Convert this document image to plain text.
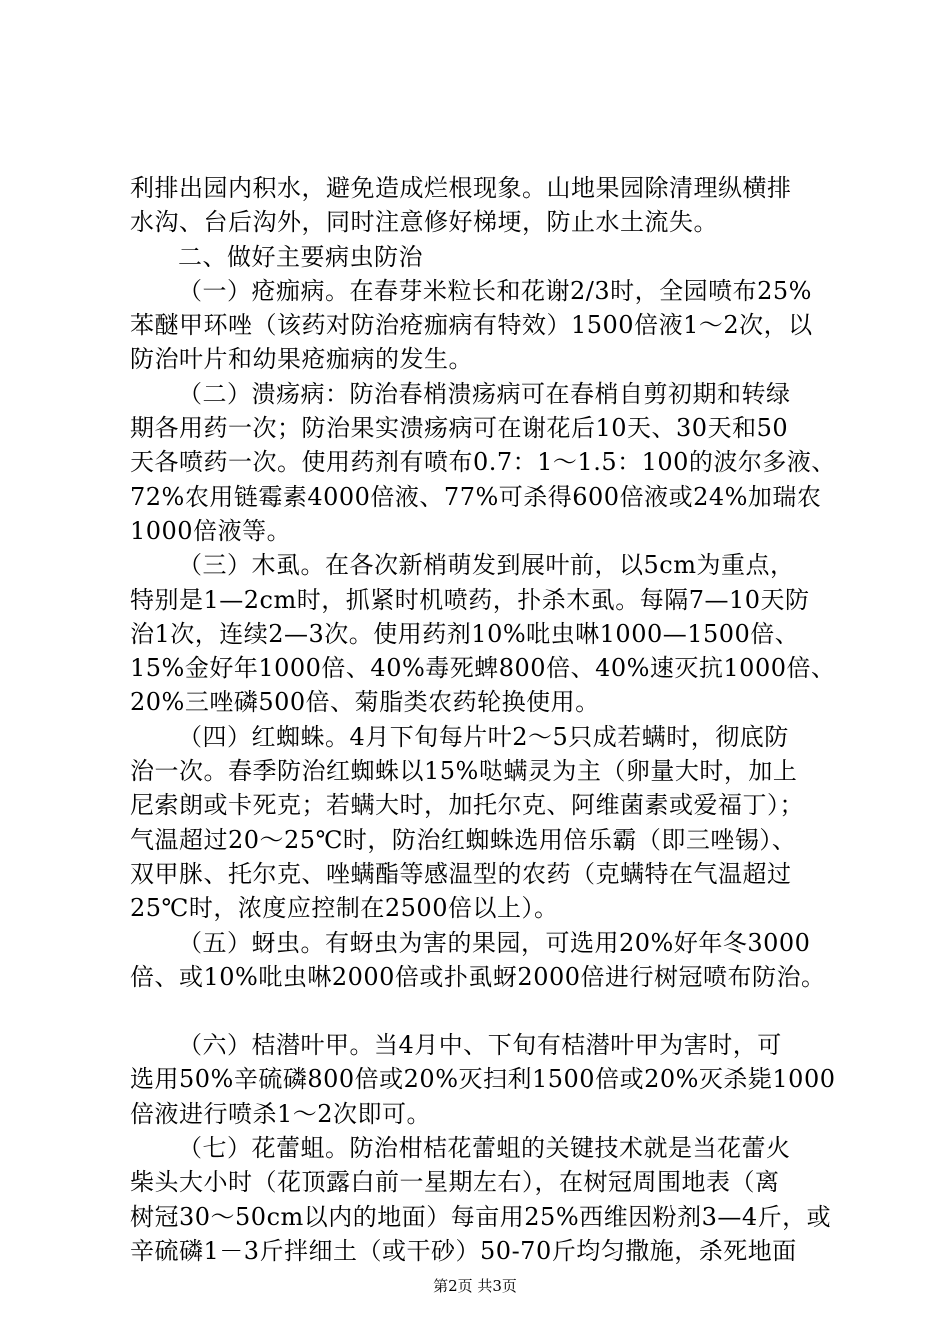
利排出园内积水，避免造成烂根现象。山地果园除清理纵横排
水沟、台后沟外，同时注意修好梯埂，防止水土流失。
二、做好主要病虫防治
（一）疮痂病。在春芽米粒长和花谢2/3时，全园喷布25%
苯醚甲环唑（该药对防治疮痂病有特效）1500倍液1～2次，以
防治叶片和幼果疮痂病的发生。
（二）溃疡病：防治春梢溃疡病可在春梢自剪初期和转绿
期各用药一次；防治果实溃疡病可在谢花后10天、30天和50
天各喷药一次。使用药剂有喷布0.7：1～1.5：100的波尔多液、
72%农用链霉素4000倍液、77%可杀得600倍液或24%加瑞农
1000倍液等。
（三）木虱。在各次新梢萌发到展叶前，以5cm为重点，
特别是1—2cm时，抓紧时机喷药，扑杀木虱。每隔7—10天防
治1次，连续2—3次。使用药剂10%吡虫啉1000—1500倍、
15%金好年1000倍、40%毒死蜱800倍、40%速灭抗1000倍、
20%三唑磷500倍、菊脂类农药轮换使用。
（四）红蜘蛛。4月下旬每片叶2～5只成若螨时，彻底防
治一次。春季防治红蜘蛛以15%哒螨灵为主（卵量大时，加上
尼索朗或卡死克；若螨大时，加托尔克、阿维菌素或爱福丁）；
气温超过20～25℃时，防治红蜘蛛选用倍乐霸（即三唑锡）、
双甲脒、托尔克、唑螨酯等感温型的农药（克螨特在气温超过
25℃时，浓度应控制在2500倍以上）。
（五）蚜虫。有蚜虫为害的果园，可选用20%好年冬3000
倍、或10%吡虫啉2000倍或扑虱蚜2000倍进行树冠喷布防治。
（六）桔潜叶甲。当4月中、下旬有桔潜叶甲为害时，可
选用50%辛硫磷800倍或20%灭扫利1500倍或20%灭杀毙1000
倍液进行喷杀1～2次即可。
（七）花蕾蛆。防治柑桔花蕾蛆的关键技术就是当花蕾火
柴头大小时（花顶露白前一星期左右），在树冠周围地表（离
树冠30～50cm以内的地面）每亩用25%西维因粉剂3—4斤，或
辛硫磷1－3斤拌细土（或干砂）50-70斤均匀撒施，杀死地面
第2页 共3页
